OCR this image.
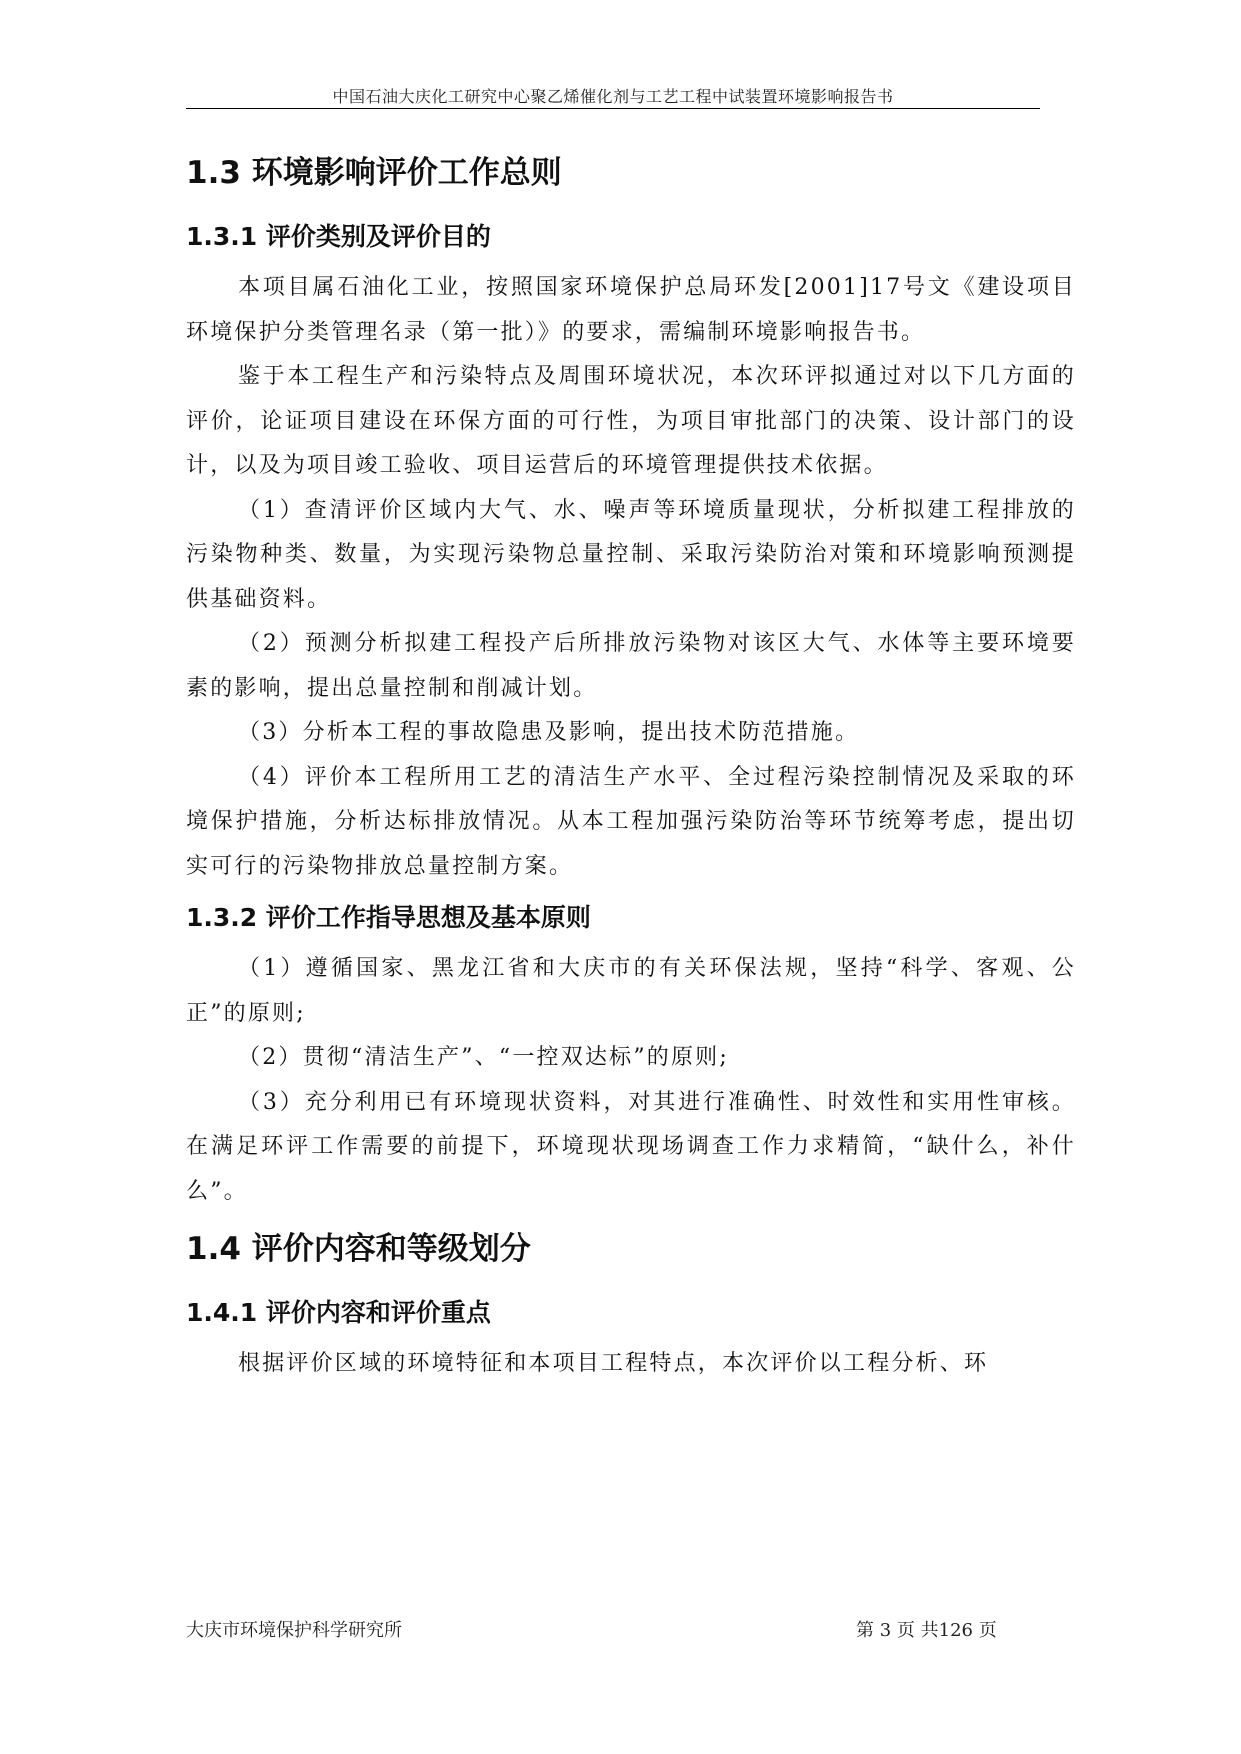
中国石油大庆化工研究中心聚乙烯催化剂与工艺工程中试装置环境影响报告书
1.3 环境影响评价工作总则
1.3.1 评价类别及评价目的

本项目属石油化工业，按照国家环境保护总局环发[2001]17号文《建设项目环境保护分类管理名录（第一批）》的要求，需编制环境影响报告书。

鉴于本工程生产和污染特点及周围环境状况，本次环评拟通过对以下几方面的评价，论证项目建设在环保方面的可行性，为项目审批部门的决策、设计部门的设计，以及为项目竣工验收、项目运营后的环境管理提供技术依据。

（1）查清评价区域内大气、水、噪声等环境质量现状，分析拟建工程排放的污染物种类、数量，为实现污染物总量控制、采取污染防治对策和环境影响预测提供基础资料。

（2）预测分析拟建工程投产后所排放污染物对该区大气、水体等主要环境要素的影响，提出总量控制和削减计划。

（3）分析本工程的事故隐患及影响，提出技术防范措施。

（4）评价本工程所用工艺的清洁生产水平、全过程污染控制情况及采取的环境保护措施，分析达标排放情况。从本工程加强污染防治等环节统筹考虑，提出切实可行的污染物排放总量控制方案。

1.3.2 评价工作指导思想及基本原则

（1）遵循国家、黑龙江省和大庆市的有关环保法规，坚持“科学、客观、公正”的原则;

（2）贯彻“清洁生产”、“一控双达标”的原则;

（3）充分利用已有环境现状资料，对其进行准确性、时效性和实用性审核。在满足环评工作需要的前提下，环境现状现场调查工作力求精简，“缺什么，补什么”。

1.4 评价内容和等级划分
1.4.1 评价内容和评价重点

根据评价区域的环境特征和本项目工程特点，本次评价以工程分析、环

大庆市环境保护科学研究所	第 3 页 共126 页
